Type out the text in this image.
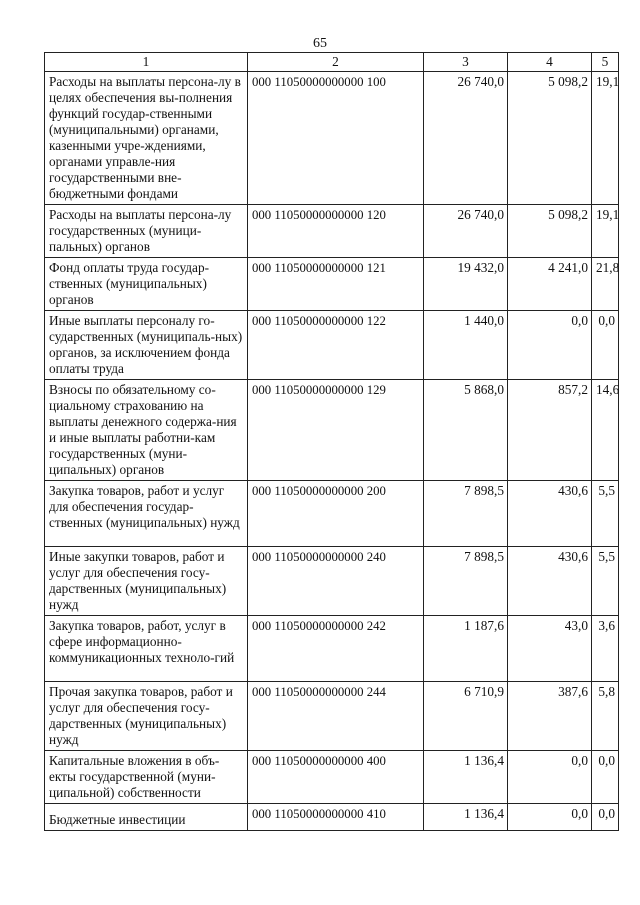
65
1	2	3	4	5
Расходы на выплаты персона-лу в целях обеспечения вы-полнения функций государ-ственными (муниципальными) органами, казенными учре-ждениями, органами управле-ния государственными вне-бюджетными фондами	000 11050000000000 100	26 740,0	5 098,2	19,1
Расходы на выплаты персона-лу государственных (муници-пальных) органов	000 11050000000000 120	26 740,0	5 098,2	19,1
Фонд оплаты труда государ-ственных (муниципальных) органов	000 11050000000000 121	19 432,0	4 241,0	21,8
Иные выплаты персоналу го-сударственных (муниципаль-ных) органов, за исключением фонда оплаты труда	000 11050000000000 122	1 440,0	0,0	0,0
Взносы по обязательному со-циальному страхованию на выплаты денежного содержа-ния и иные выплаты работни-кам государственных (муни-ципальных) органов	000 11050000000000 129	5 868,0	857,2	14,6
Закупка товаров, работ и услуг для обеспечения государ-ственных (муниципальных) нужд	000 11050000000000 200	7 898,5	430,6	5,5
Иные закупки товаров, работ и услуг для обеспечения госу-дарственных (муниципальных) нужд	000 11050000000000 240	7 898,5	430,6	5,5
Закупка товаров, работ, услуг в сфере информационно-коммуникационных техноло-гий	000 11050000000000 242	1 187,6	43,0	3,6
Прочая закупка товаров, работ и услуг для обеспечения госу-дарственных (муниципальных) нужд	000 11050000000000 244	6 710,9	387,6	5,8
Капитальные вложения в объ-екты государственной (муни-ципальной) собственности	000 11050000000000 400	1 136,4	0,0	0,0
Бюджетные инвестиции	000 11050000000000 410	1 136,4	0,0	0,0
